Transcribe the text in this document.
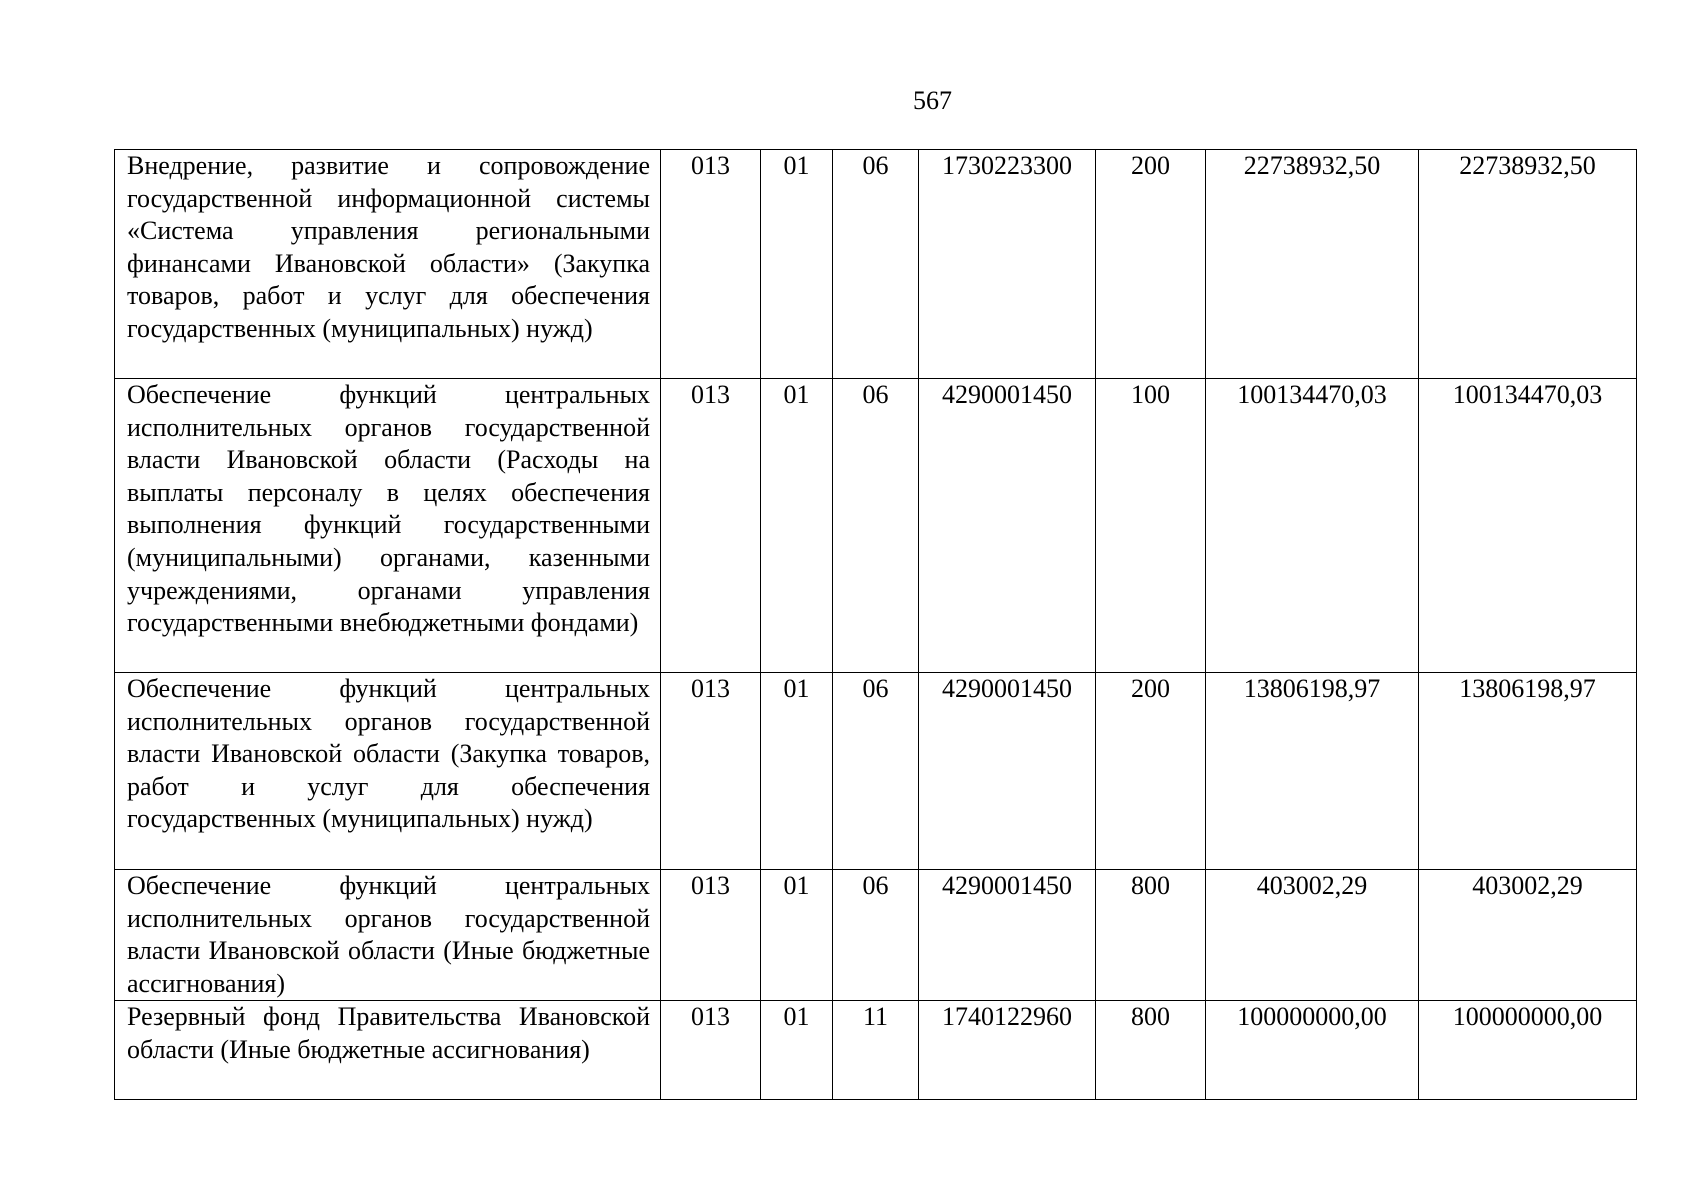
567
Внедрение, развитие и сопровождение государственной информационной системы «Система управления региональными финансами Ивановской области» (Закупка товаров, работ и услуг для обеспечения государственных (муниципальных) нужд)	013	01	06	1730223300	200	22738932,50	22738932,50
Обеспечение функций центральных исполнительных органов государственной власти Ивановской области (Расходы на выплаты персоналу в целях обеспечения выполнения функций государственными (муниципальными) органами, казенными учреждениями, органами управления государственными внебюджетными фондами)	013	01	06	4290001450	100	100134470,03	100134470,03
Обеспечение функций центральных исполнительных органов государственной власти Ивановской области (Закупка товаров, работ и услуг для обеспечения государственных (муниципальных) нужд)	013	01	06	4290001450	200	13806198,97	13806198,97
Обеспечение функций центральных исполнительных органов государственной власти Ивановской области (Иные бюджетные ассигнования)	013	01	06	4290001450	800	403002,29	403002,29
Резервный фонд Правительства Ивановской области (Иные бюджетные ассигнования)	013	01	11	1740122960	800	100000000,00	100000000,00
